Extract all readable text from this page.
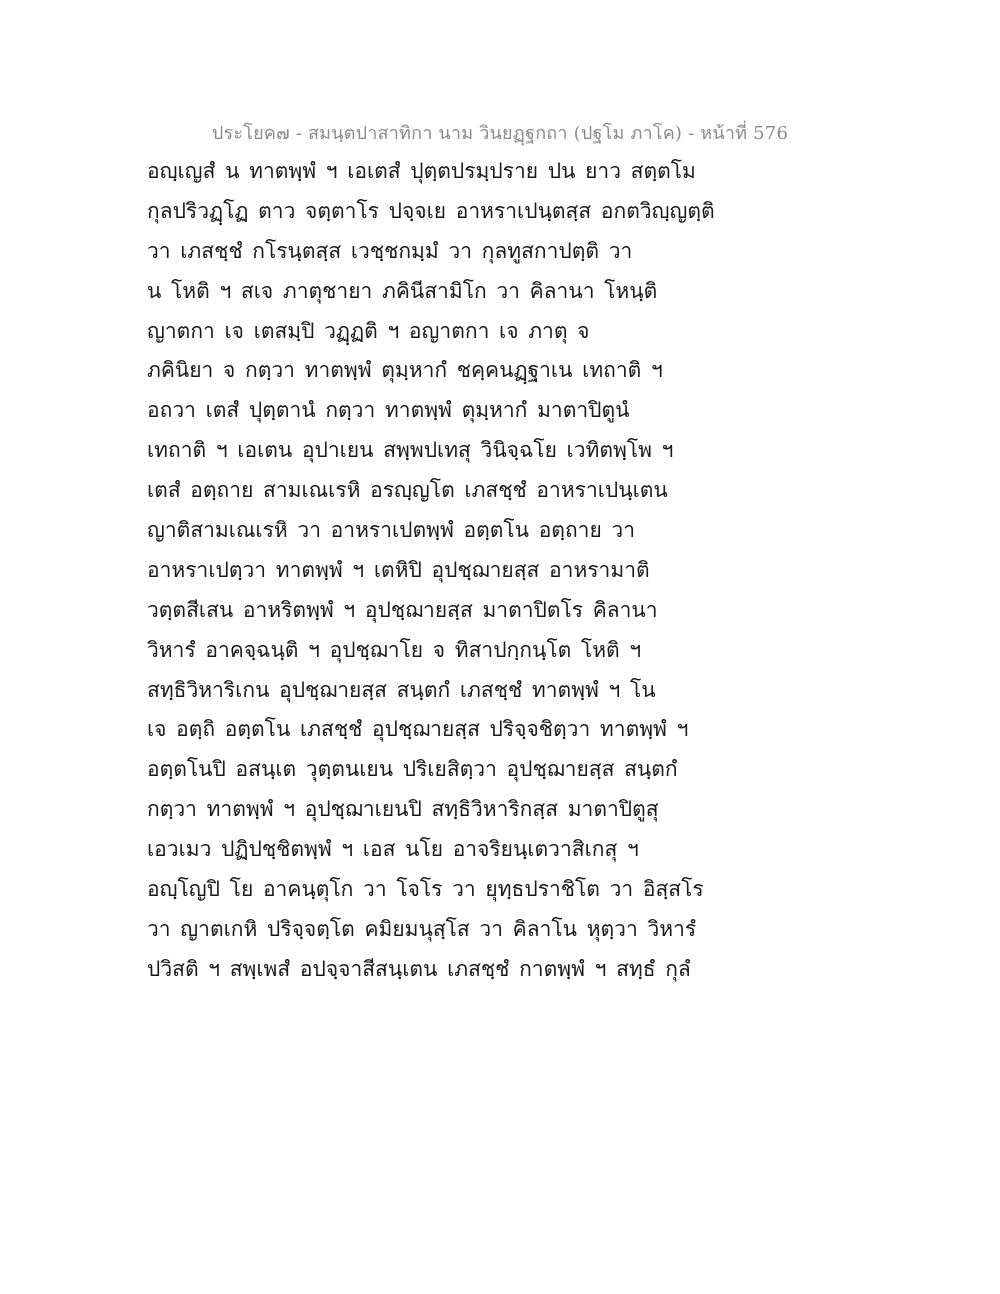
ประโยค๗ - สมนฺตปาสาทิกา นาม วินยฏฺฐกถา (ปฐโม ภาโค) - หน้าที่ 576
อญฺเญสํ น ทาตพฺพํ ฯ เอเตสํ ปุตฺตปรมฺปราย ปน ยาว สตฺตโม
กุลปริวฏฺโฏ ตาว จตฺตาโร ปจฺจเย อาหราเปนฺตสฺส อกตวิญฺญตฺติ
วา เภสชฺชํ กโรนฺตสฺส เวชฺชกมฺมํ วา กุลทูสกาปตฺติ วา
น โหติ ฯ สเจ ภาตุชายา ภคินีสามิโก วา คิลานา โหนฺติ
ญาตกา เจ เตสมฺปิ วฏฺฏติ ฯ อญาตกา เจ ภาตุ จ
ภคินิยา จ กตฺวา ทาตพฺพํ ตุมฺหากํ ชคฺคนฏฺฐาเน เทถาติ ฯ
อถวา เตสํ ปุตฺตานํ กตฺวา ทาตพฺพํ ตุมฺหากํ มาตาปิตูนํ
เทถาติ ฯ เอเตน อุปาเยน สพฺพปเทสุ วินิจฺฉโย เวทิตพฺโพ ฯ
เตสํ อตฺถาย สามเณเรหิ อรญฺญโต เภสชฺชํ อาหราเปนฺเตน
ญาติสามเณเรหิ วา อาหราเปตพฺพํ อตฺตโน อตฺถาย วา
อาหราเปตฺวา ทาตพฺพํ ฯ เตหิปิ อุปชฺฌายสฺส อาหรามาติ
วตฺตสีเสน อาหริตพฺพํ ฯ อุปชฺฌายสฺส มาตาปิตโร คิลานา
วิหารํ อาคจฺฉนฺติ ฯ อุปชฺฌาโย จ ทิสาปกฺกนฺโต โหติ ฯ
สทฺธิวิหาริเกน อุปชฺฌายสฺส สนฺตกํ เภสชฺชํ ทาตพฺพํ ฯ โน
เจ อตฺถิ อตฺตโน เภสชฺชํ อุปชฺฌายสฺส ปริจฺจชิตฺวา ทาตพฺพํ ฯ
อตฺตโนปิ อสนฺเต วุตฺตนเยน ปริเยสิตฺวา อุปชฺฌายสฺส สนฺตกํ
กตฺวา ทาตพฺพํ ฯ อุปชฺฌาเยนปิ สทฺธิวิหาริกสฺส มาตาปิตูสุ
เอวเมว ปฏิปชฺชิตพฺพํ ฯ เอส นโย อาจริยนฺเตวาสิเกสุ ฯ
อญฺโญปิ โย อาคนฺตุโก วา โจโร วา ยุทฺธปราชิโต วา อิสฺสโร
วา ญาตเกหิ ปริจฺจตฺโต คมิยมนุสฺโส วา คิลาโน หุตฺวา วิหารํ
ปวิสติ ฯ สพฺเพสํ อปจฺจาสีสนฺเตน เภสชฺชํ กาตพฺพํ ฯ สทฺธํ กุลํ
